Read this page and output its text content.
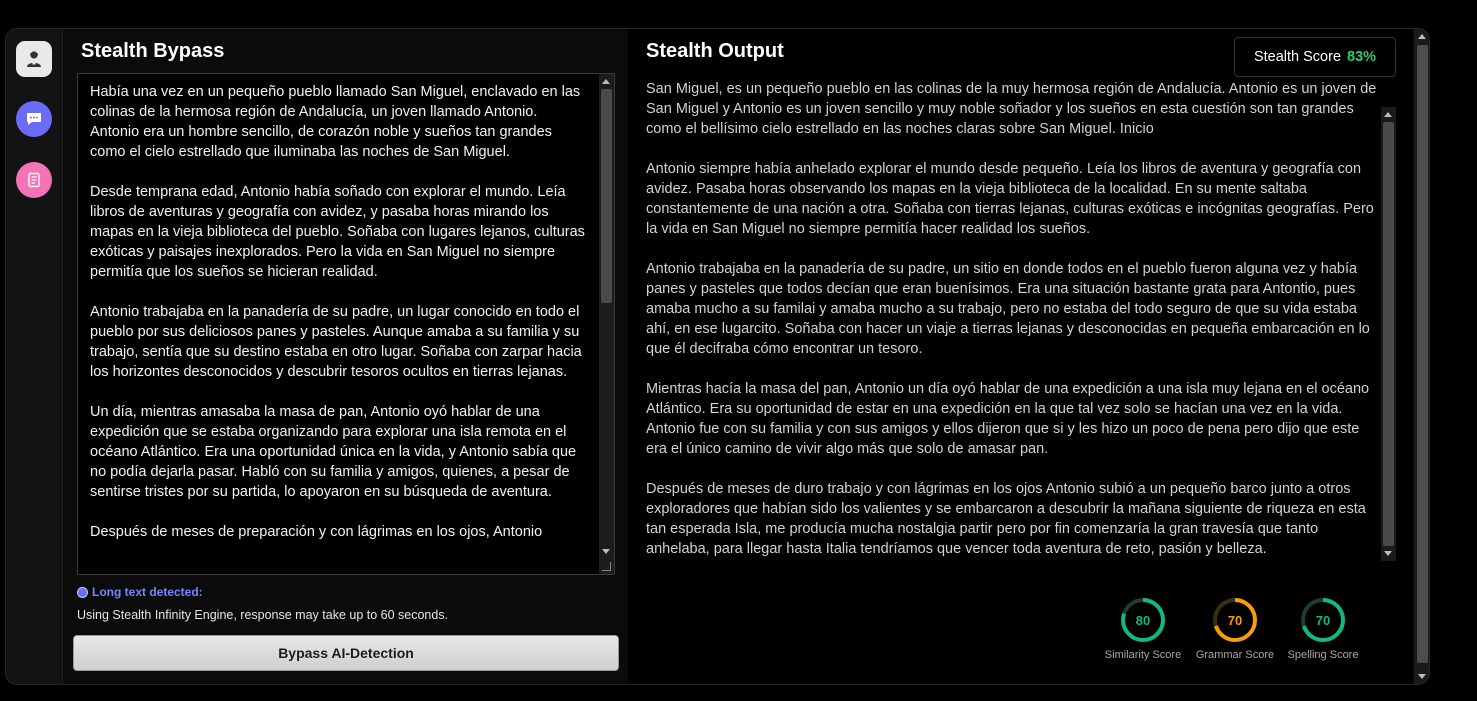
Stealth Bypass
Había una vez en un pequeño pueblo llamado San Miguel, enclavado en las colinas de la hermosa región de Andalucía, un joven llamado Antonio. Antonio era un hombre sencillo, de corazón noble y sueños tan grandes como el cielo estrellado que iluminaba las noches de San Miguel.

Desde temprana edad, Antonio había soñado con explorar el mundo. Leía libros de aventuras y geografía con avidez, y pasaba horas mirando los mapas en la vieja biblioteca del pueblo. Soñaba con lugares lejanos, culturas exóticas y paisajes inexplorados. Pero la vida en San Miguel no siempre permitía que los sueños se hicieran realidad.

Antonio trabajaba en la panadería de su padre, un lugar conocido en todo el pueblo por sus deliciosos panes y pasteles. Aunque amaba a su familia y su trabajo, sentía que su destino estaba en otro lugar. Soñaba con zarpar hacia los horizontes desconocidos y descubrir tesoros ocultos en tierras lejanas.

Un día, mientras amasaba la masa de pan, Antonio oyó hablar de una expedición que se estaba organizando para explorar una isla remota en el océano Atlántico. Era una oportunidad única en la vida, y Antonio sabía que no podía dejarla pasar. Habló con su familia y amigos, quienes, a pesar de sentirse tristes por su partida, lo apoyaron en su búsqueda de aventura.

Después de meses de preparación y con lágrimas en los ojos, Antonio
Long text detected:
Using Stealth Infinity Engine, response may take up to 60 seconds.
Bypass AI-Detection
Stealth Output	Stealth Score 83%
San Miguel, es un pequeño pueblo en las colinas de la muy hermosa región de Andalucía. Antonio es un joven de San Miguel y Antonio es un joven sencillo y muy noble soñador y los sueños en esta cuestión son tan grandes como el bellísimo cielo estrellado en las noches claras sobre San Miguel. Inicio

Antonio siempre había anhelado explorar el mundo desde pequeño. Leía los libros de aventura y geografía con avidez. Pasaba horas observando los mapas en la vieja biblioteca de la localidad. En su mente saltaba constantemente de una nación a otra. Soñaba con tierras lejanas, culturas exóticas e incógnitas geografías. Pero la vida en San Miguel no siempre permitía hacer realidad los sueños.

Antonio trabajaba en la panadería de su padre, un sitio en donde todos en el pueblo fueron alguna vez y había panes y pasteles que todos decían que eran buenísimos. Era una situación bastante grata para Antontio, pues amaba mucho a su familai y amaba mucho a su trabajo, pero no estaba del todo seguro de que su vida estaba ahí, en ese lugarcito. Soñaba con hacer un viaje a tierras lejanas y desconocidas en pequeña embarcación en lo que él decifraba cómo encontrar un tesoro.

Mientras hacía la masa del pan, Antonio un día oyó hablar de una expedición a una isla muy lejana en el océano Atlántico. Era su oportunidad de estar en una expedición en la que tal vez solo se hacían una vez en la vida. Antonio fue con su familia y con sus amigos y ellos dijeron que si y les hizo un poco de pena pero dijo que este era el único camino de vivir algo más que solo de amasar pan.

Después de meses de duro trabajo y con lágrimas en los ojos Antonio subió a un pequeño barco junto a otros exploradores que habían sido los valientes y se embarcaron a descubrir la mañana siguiente de riqueza en esta tan esperada Isla, me producía mucha nostalgia partir pero por fin comenzaría la gran travesía que tanto anhelaba, para llegar hasta Italia tendríamos que vencer toda aventura de reto, pasión y belleza.
80
Similarity Score
70
Grammar Score
70
Spelling Score
